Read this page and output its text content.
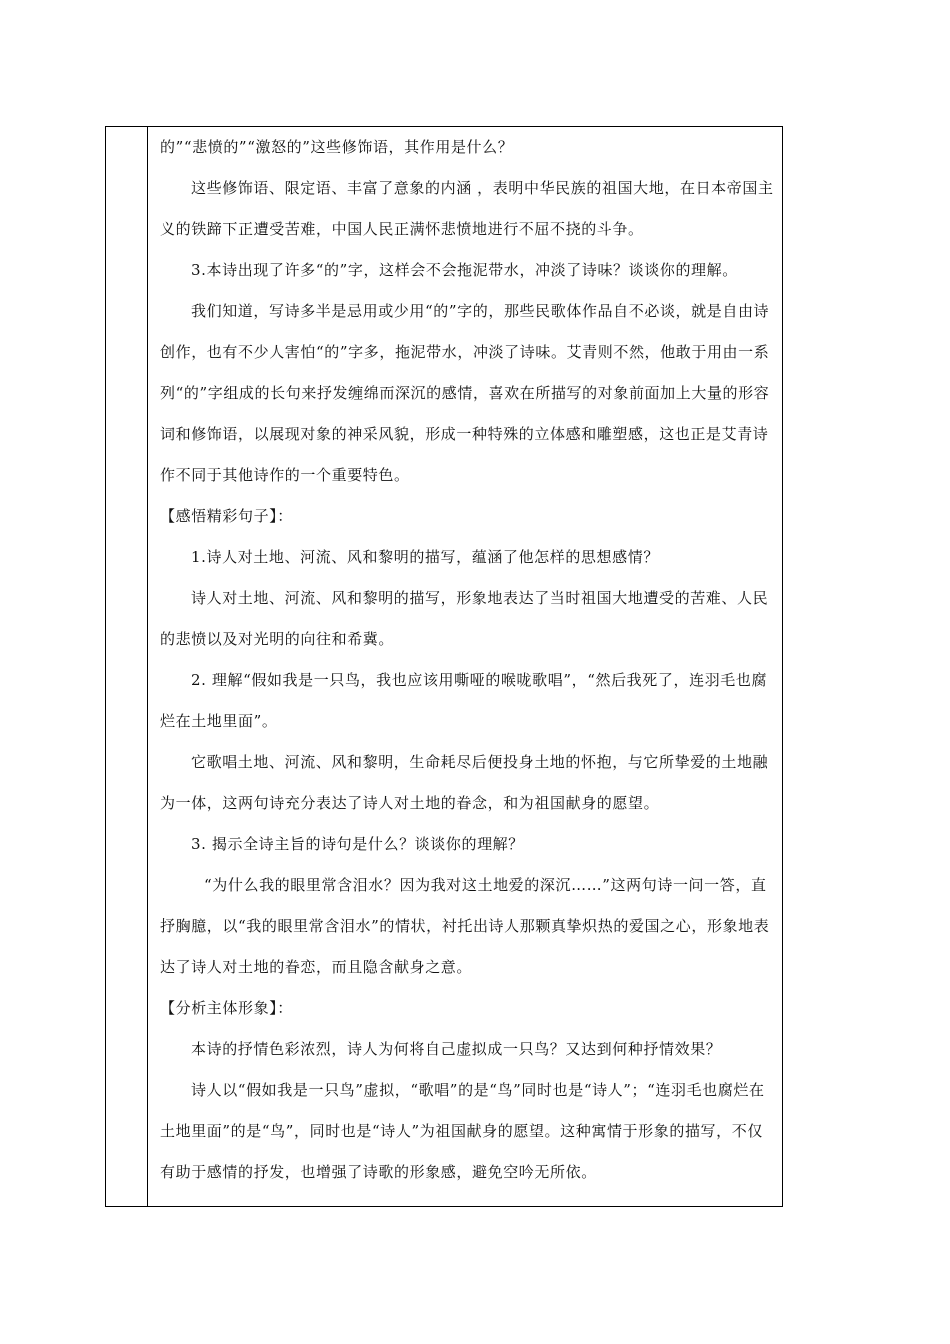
的”“悲愤的”“激怒的”这些修饰语，其作用是什么？

这些修饰语、限定语、丰富了意象的内涵 ，表明中华民族的祖国大地，在日本帝国主义的铁蹄下正遭受苦难，中国人民正满怀悲愤地进行不屈不挠的斗争。

3.本诗出现了许多“的”字，这样会不会拖泥带水，冲淡了诗味？谈谈你的理解。

我们知道，写诗多半是忌用或少用“的”字的，那些民歌体作品自不必谈，就是自由诗创作，也有不少人害怕“的”字多，拖泥带水，冲淡了诗味。艾青则不然，他敢于用由一系列“的”字组成的长句来抒发缠绵而深沉的感情，喜欢在所描写的对象前面加上大量的形容词和修饰语，以展现对象的神采风貌，形成一种特殊的立体感和雕塑感，这也正是艾青诗作不同于其他诗作的一个重要特色。

【感悟精彩句子】：

1.诗人对土地、河流、风和黎明的描写，蕴涵了他怎样的思想感情？

诗人对土地、河流、风和黎明的描写，形象地表达了当时祖国大地遭受的苦难、人民的悲愤以及对光明的向往和希冀。

2. 理解“假如我是一只鸟，我也应该用嘶哑的喉咙歌唱”，“然后我死了，连羽毛也腐烂在土地里面”。

它歌唱土地、河流、风和黎明，生命耗尽后便投身土地的怀抱，与它所挚爱的土地融为一体，这两句诗充分表达了诗人对土地的眷念，和为祖国献身的愿望。

3. 揭示全诗主旨的诗句是什么？谈谈你的理解？

“为什么我的眼里常含泪水？因为我对这土地爱的深沉……”这两句诗一问一答，直抒胸臆，以“我的眼里常含泪水”的情状，衬托出诗人那颗真挚炽热的爱国之心，形象地表达了诗人对土地的眷恋，而且隐含献身之意。

【分析主体形象】：

本诗的抒情色彩浓烈，诗人为何将自己虚拟成一只鸟？又达到何种抒情效果？

诗人以“假如我是一只鸟”虚拟，“歌唱”的是“鸟”同时也是“诗人”；“连羽毛也腐烂在土地里面”的是“鸟”，同时也是“诗人”为祖国献身的愿望。这种寓情于形象的描写，不仅有助于感情的抒发，也增强了诗歌的形象感，避免空吟无所依。
